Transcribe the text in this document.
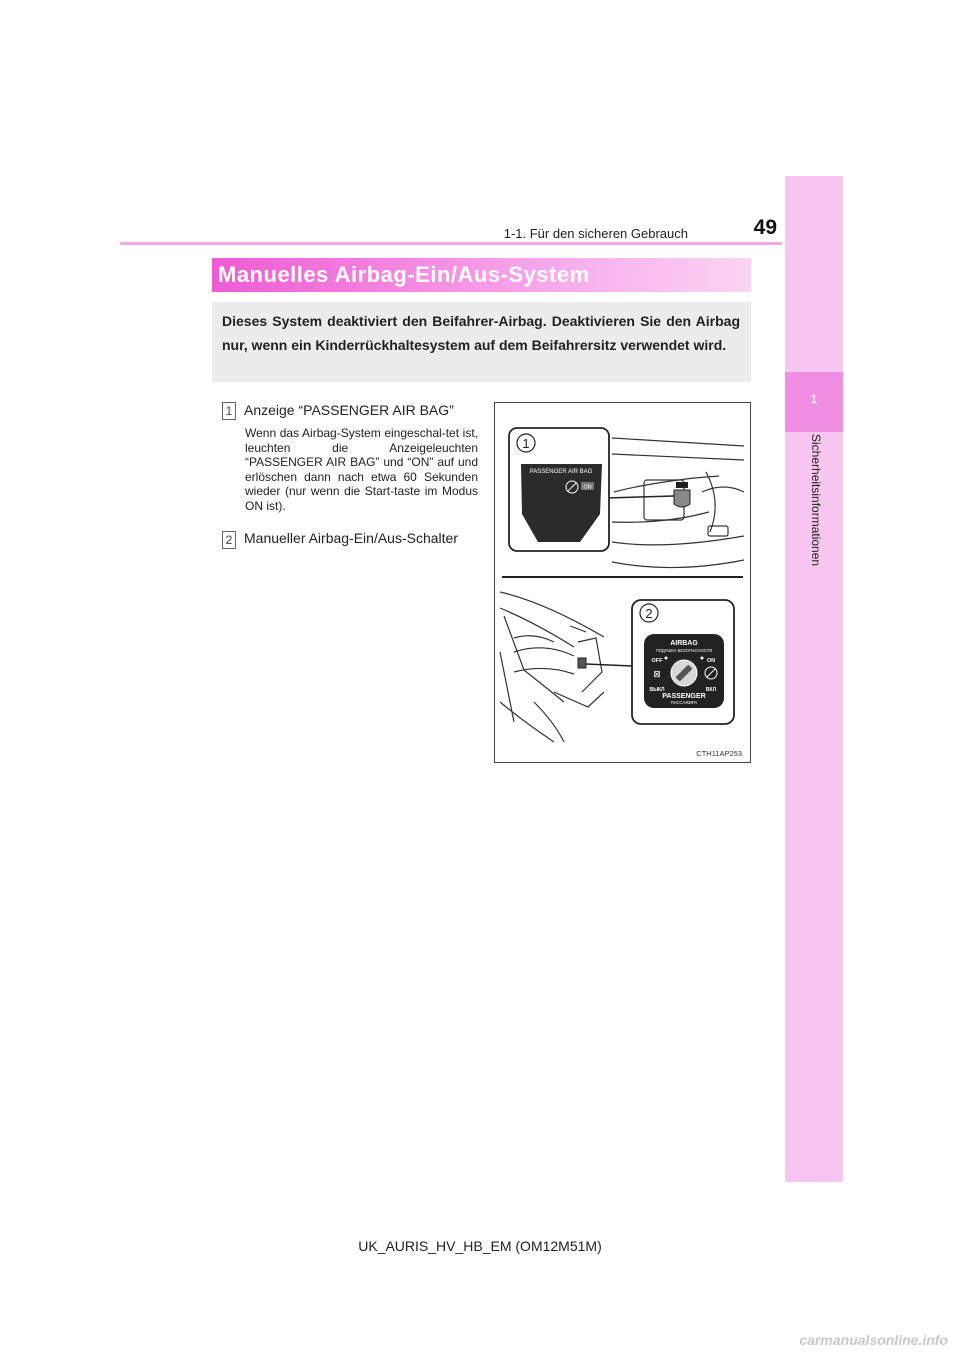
1-1. Für den sicheren Gebrauch	49
1
Sicherheitsinformationen
Manuelles Airbag-Ein/Aus-System
Dieses System deaktiviert den Beifahrer-Airbag. Deaktivieren Sie den Airbag nur, wenn ein Kinderrückhaltesystem auf dem Beifahrersitz verwendet wird.
1 Anzeige “PASSENGER AIR BAG”
Wenn das Airbag-System eingeschal-tet ist, leuchten die Anzeigeleuchten “PASSENGER AIR BAG” und “ON” auf und erlöschen dann nach etwa 60 Sekunden wieder (nur wenn die Start-taste im Modus ON ist).
2 Manueller Airbag-Ein/Aus-Schalter
1
PASSENGER AIR BAG
ON
2
AIRBAG
ПОДУШКА БЕЗОПАСНОСТИ
OFF	ON
⊠
ВЫКЛ	ВКЛ
PASSENGER
ПАССАЖИРА
CTH11AP253
UK_AURIS_HV_HB_EM (OM12M51M)
carmanualsonline.info
